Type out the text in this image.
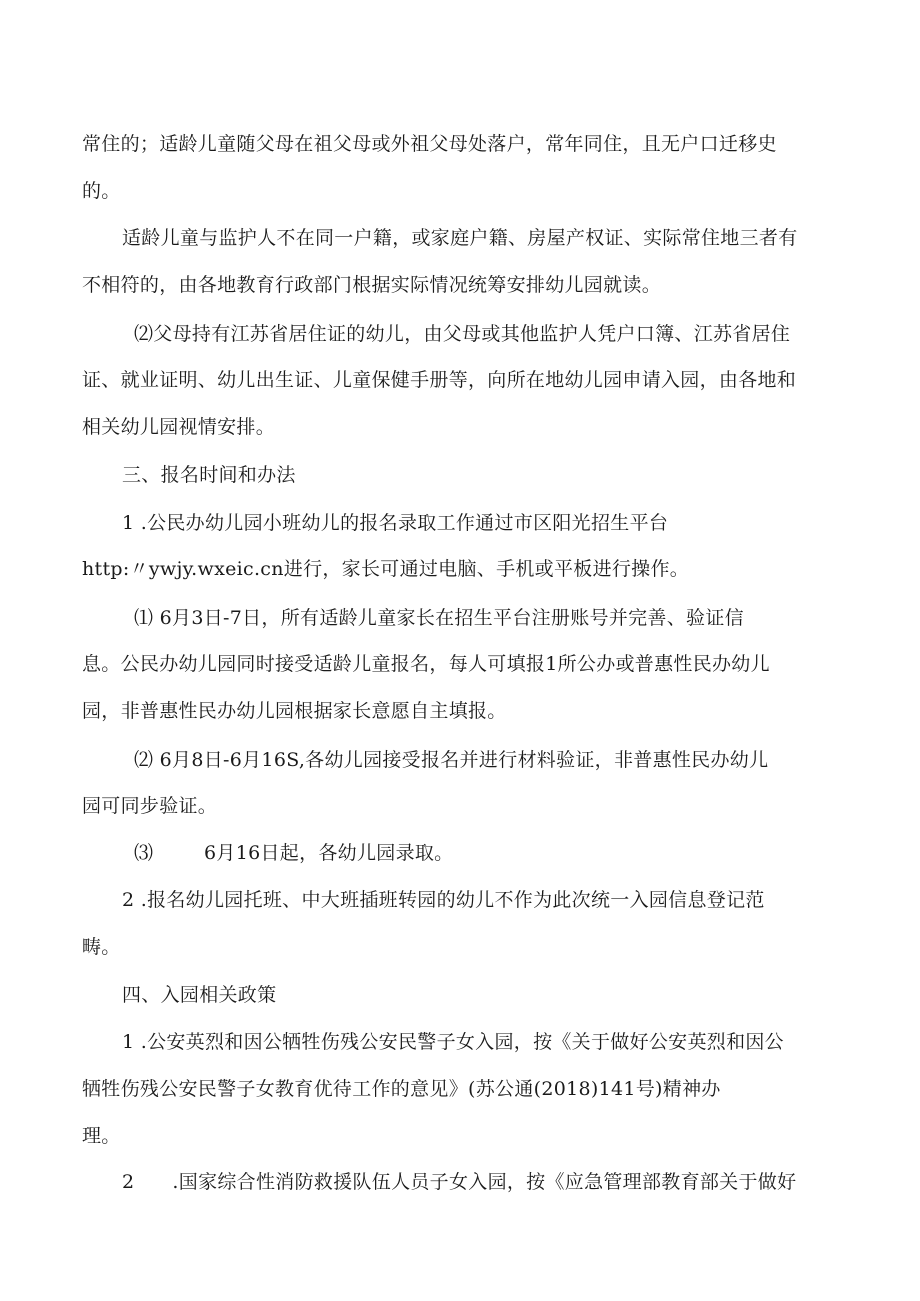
常住的；适龄儿童随父母在祖父母或外祖父母处落户，常年同住，且无户口迁移史
的。
适龄儿童与监护人不在同一户籍，或家庭户籍、房屋产权证、实际常住地三者有
不相符的，由各地教育行政部门根据实际情况统筹安排幼儿园就读。
⑵父母持有江苏省居住证的幼儿，由父母或其他监护人凭户口簿、江苏省居住
证、就业证明、幼儿出生证、儿童保健手册等，向所在地幼儿园申请入园，由各地和
相关幼儿园视情安排。
三、报名时间和办法
1 .公民办幼儿园小班幼儿的报名录取工作通过市区阳光招生平台
http:〃ywjy.wxeic.cn进行，家长可通过电脑、手机或平板进行操作。
⑴ 6月3日-7日，所有适龄儿童家长在招生平台注册账号并完善、验证信
息。公民办幼儿园同时接受适龄儿童报名，每人可填报1所公办或普惠性民办幼儿
园，非普惠性民办幼儿园根据家长意愿自主填报。
⑵ 6月8日-6月16S,各幼儿园接受报名并进行材料验证，非普惠性民办幼儿
园可同步验证。
⑶        6月16日起，各幼儿园录取。
2 .报名幼儿园托班、中大班插班转园的幼儿不作为此次统一入园信息登记范
畴。
四、入园相关政策
1 .公安英烈和因公牺牲伤残公安民警子女入园，按《关于做好公安英烈和因公
牺牲伤残公安民警子女教育优待工作的意见》(苏公通(2018)141号)精神办
理。
2      .国家综合性消防救援队伍人员子女入园，按《应急管理部教育部关于做好
